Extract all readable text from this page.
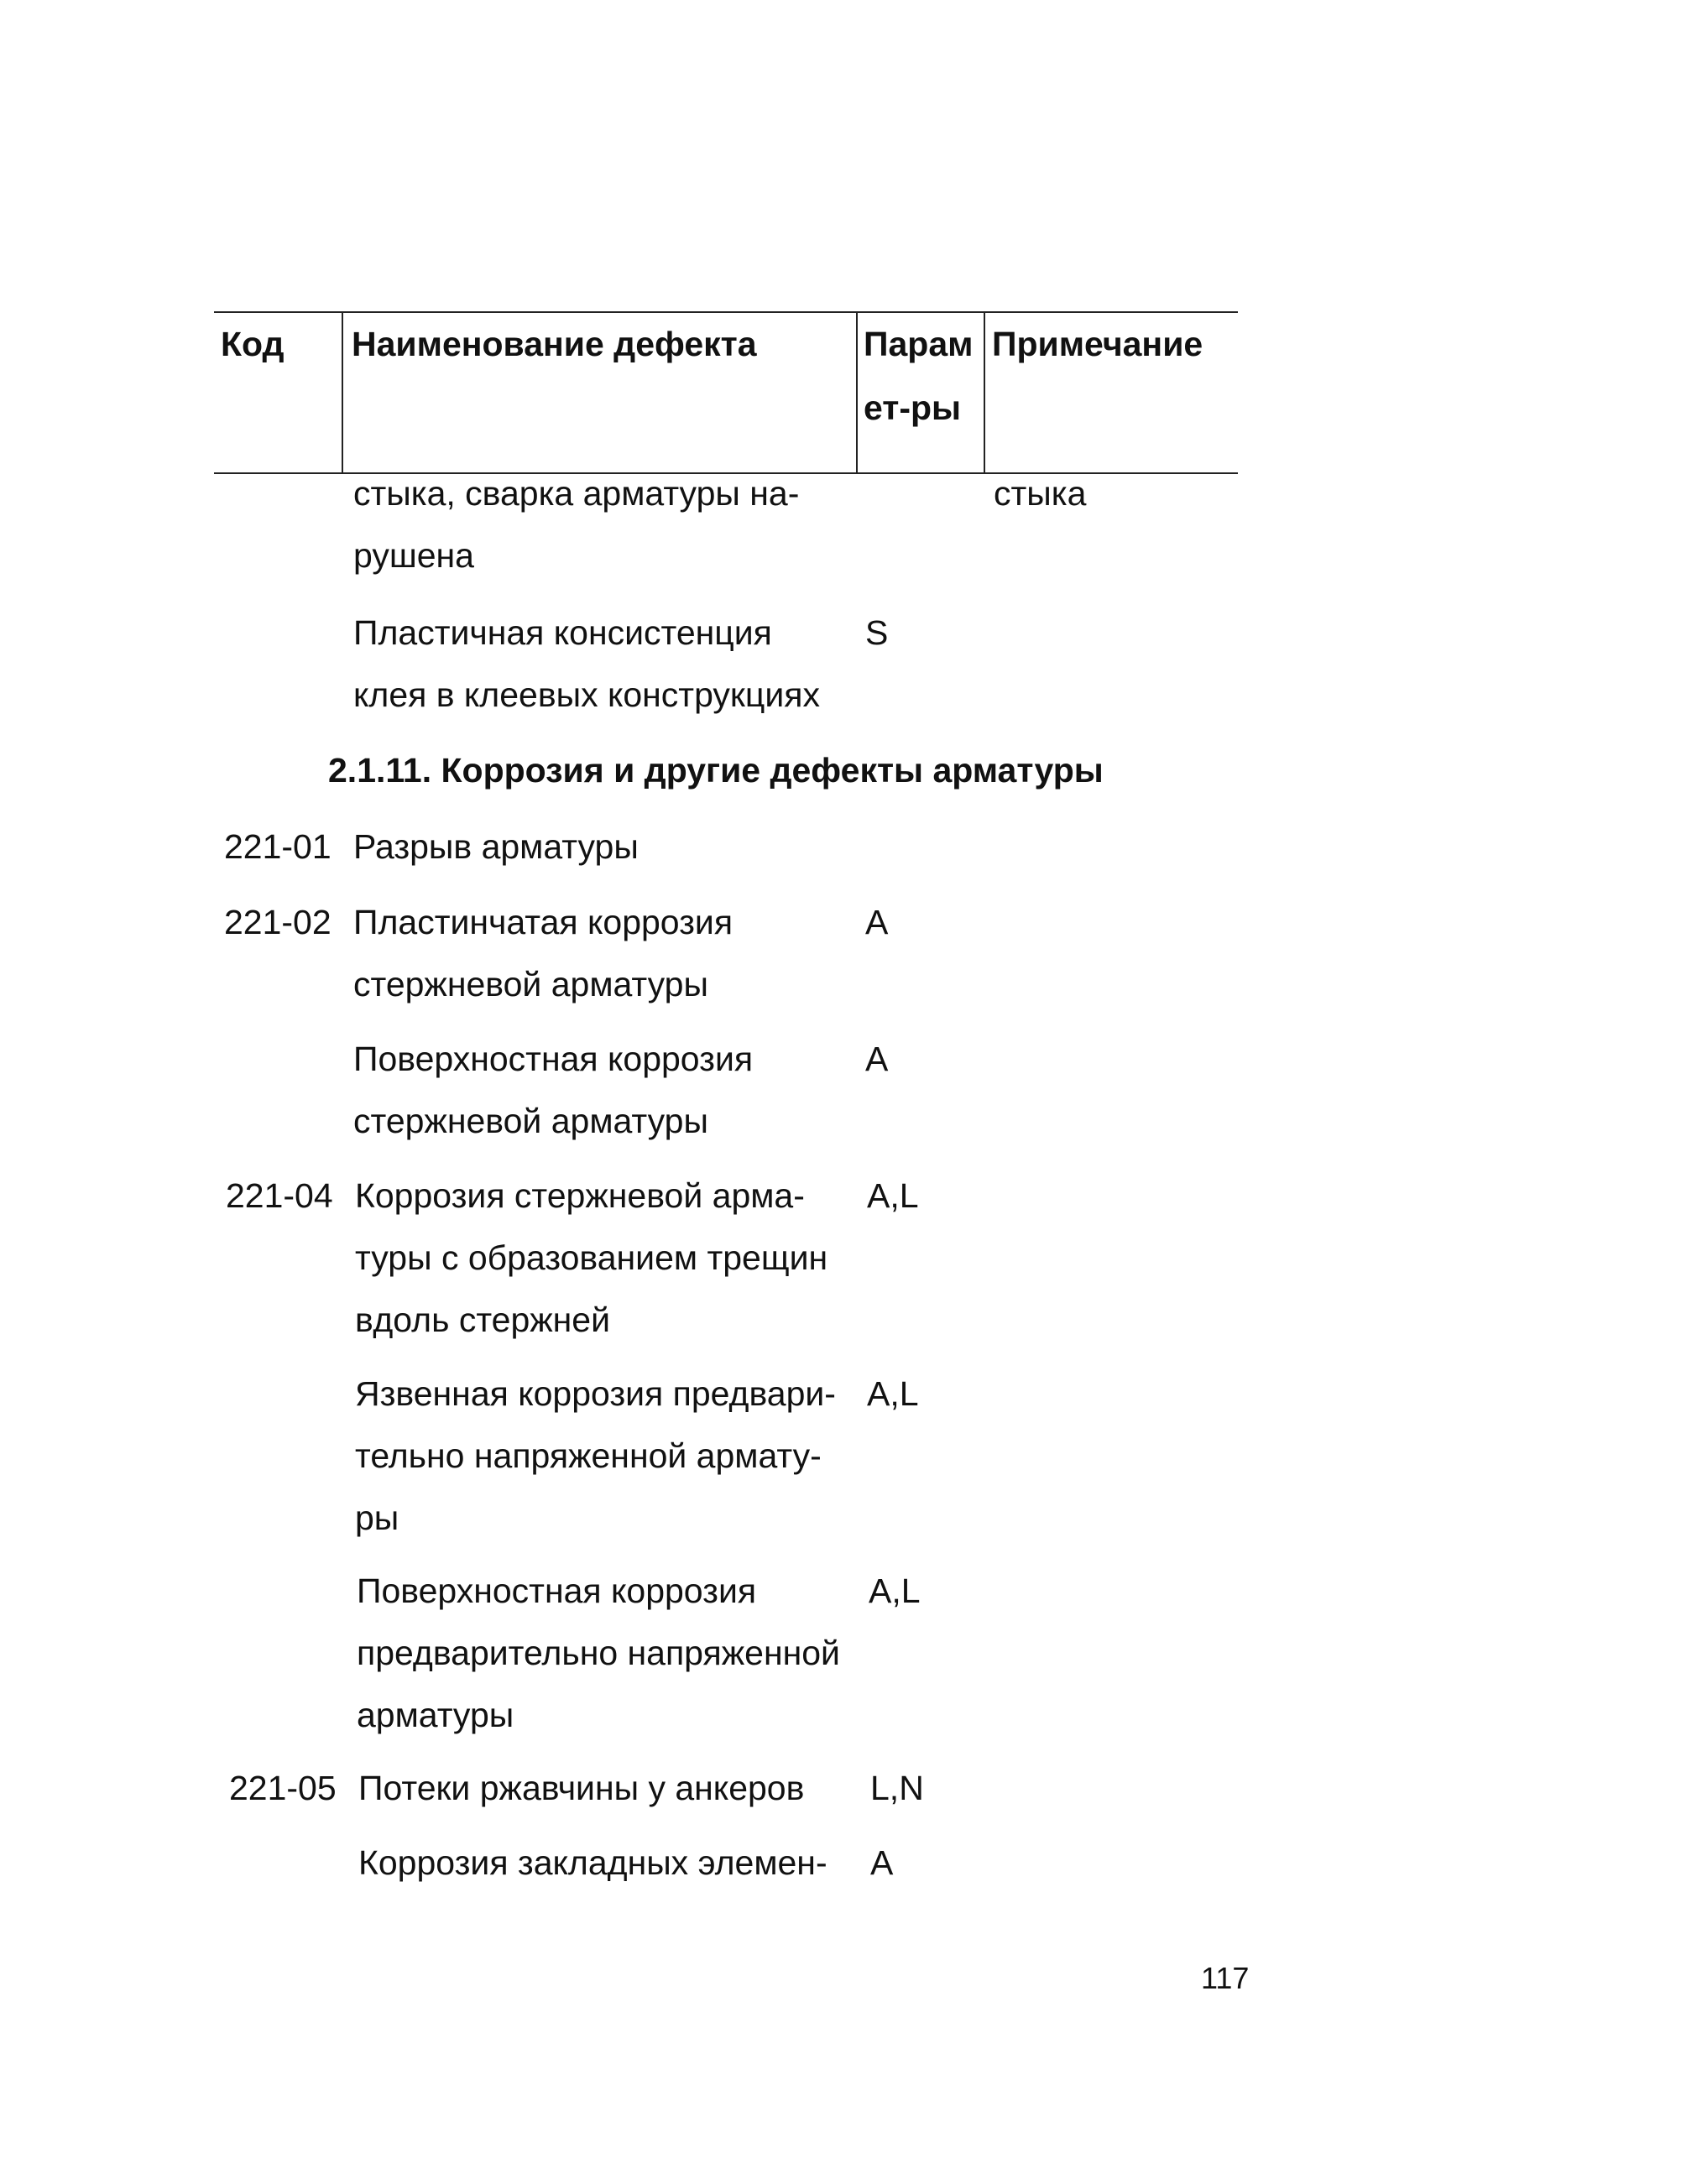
Код Наименование дефекта	Парам
ет-ры
Примечание
стыка, сварка арматуры на-
рушена
стыка
Пластичная консистенция
клея в клеевых конструкциях
S
2.1.11. Коррозия и другие дефекты арматуры
221-01 Разрыв арматуры
221-02 Пластинчатая коррозия
стержневой арматуры
А
Поверхностная коррозия
стержневой арматуры
А
221-04 Коррозия стержневой арма-
туры с образованием трещин
вдоль стержней
A,L
Язвенная коррозия предвари-
тельно напряженной армату-
ры
A,L
Поверхностная коррозия
предварительно напряженной
арматуры
A,L
221-05 Потеки ржавчины у анкеров L,N
Коррозия закладных элемен- А
117
